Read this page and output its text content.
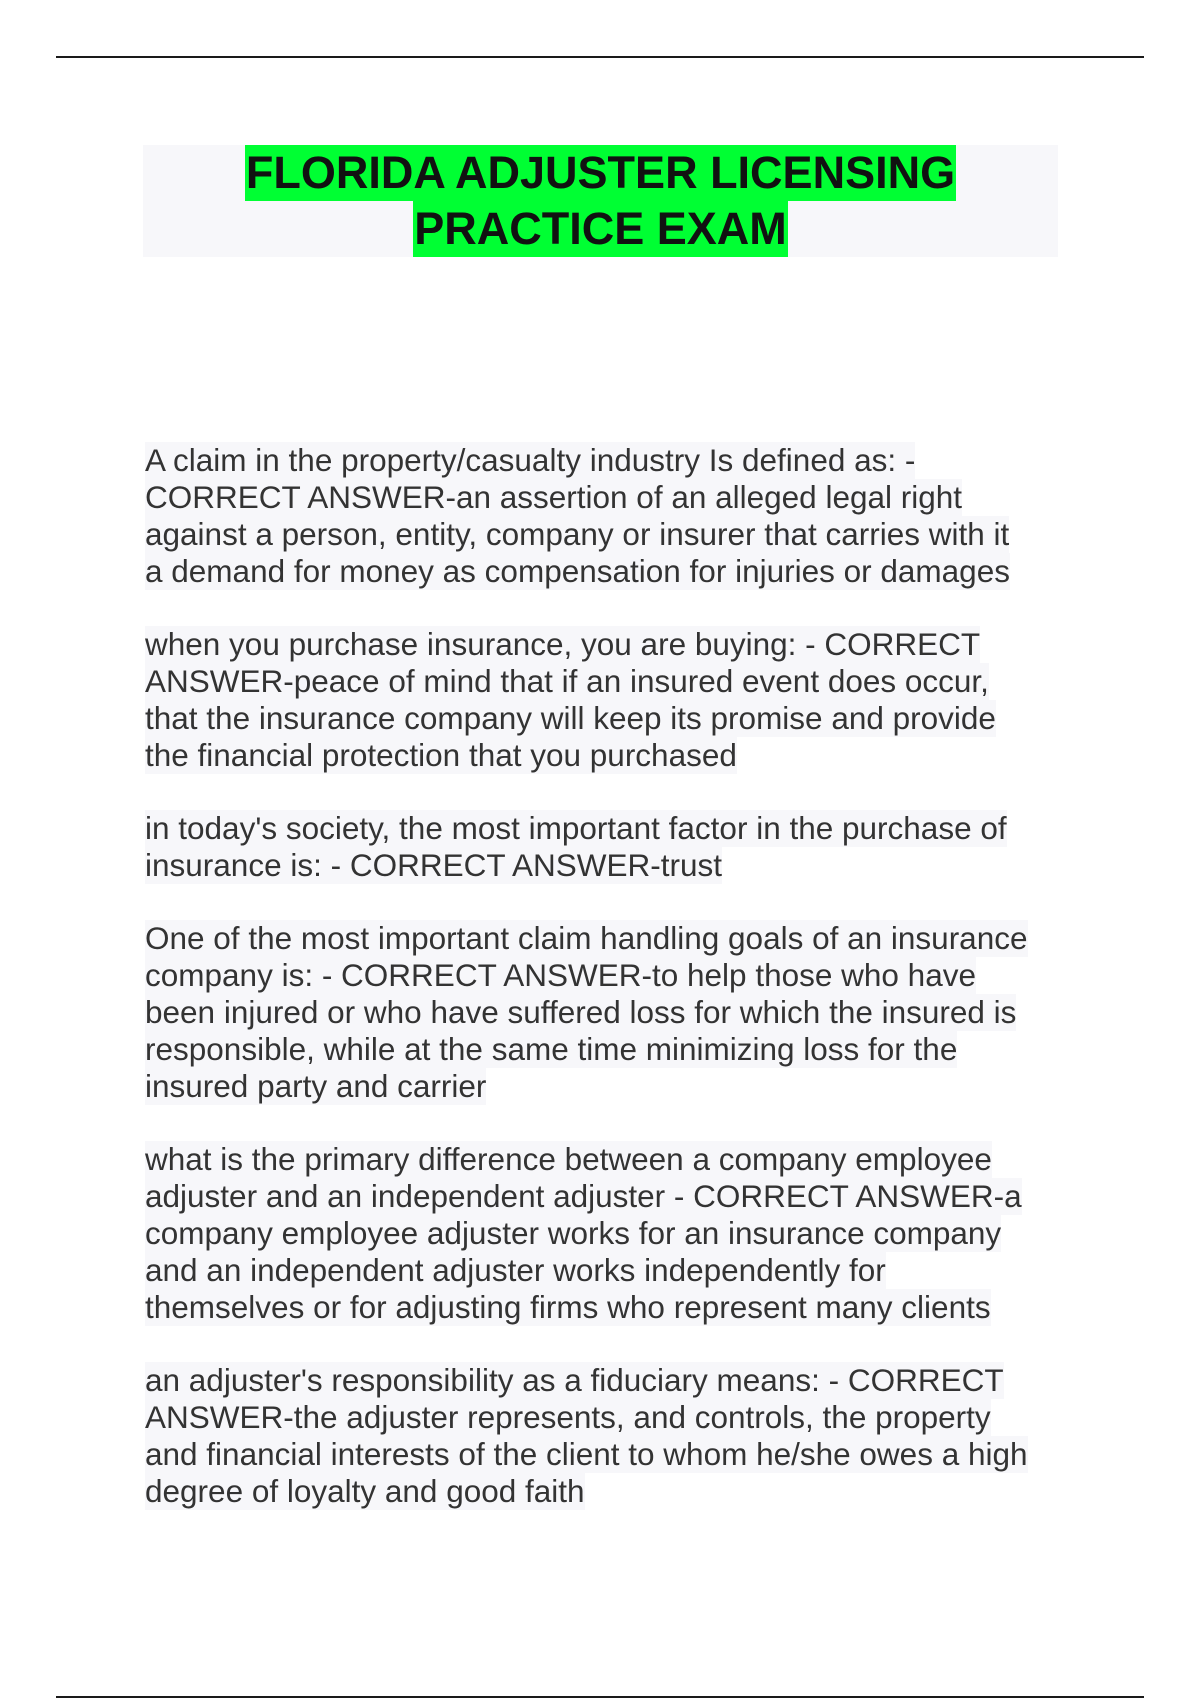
FLORIDA ADJUSTER LICENSING
PRACTICE EXAM
A claim in the property/casualty industry Is defined as: -
CORRECT ANSWER-an assertion of an alleged legal right
against a person, entity, company or insurer that carries with it
a demand for money as compensation for injuries or damages
when you purchase insurance, you are buying: - CORRECT
ANSWER-peace of mind that if an insured event does occur,
that the insurance company will keep its promise and provide
the financial protection that you purchased
in today's society, the most important factor in the purchase of
insurance is: - CORRECT ANSWER-trust
One of the most important claim handling goals of an insurance
company is: - CORRECT ANSWER-to help those who have
been injured or who have suffered loss for which the insured is
responsible, while at the same time minimizing loss for the
insured party and carrier
what is the primary difference between a company employee
adjuster and an independent adjuster - CORRECT ANSWER-a
company employee adjuster works for an insurance company
and an independent adjuster works independently for
themselves or for adjusting firms who represent many clients
an adjuster's responsibility as a fiduciary means: - CORRECT
ANSWER-the adjuster represents, and controls, the property
and financial interests of the client to whom he/she owes a high
degree of loyalty and good faith
